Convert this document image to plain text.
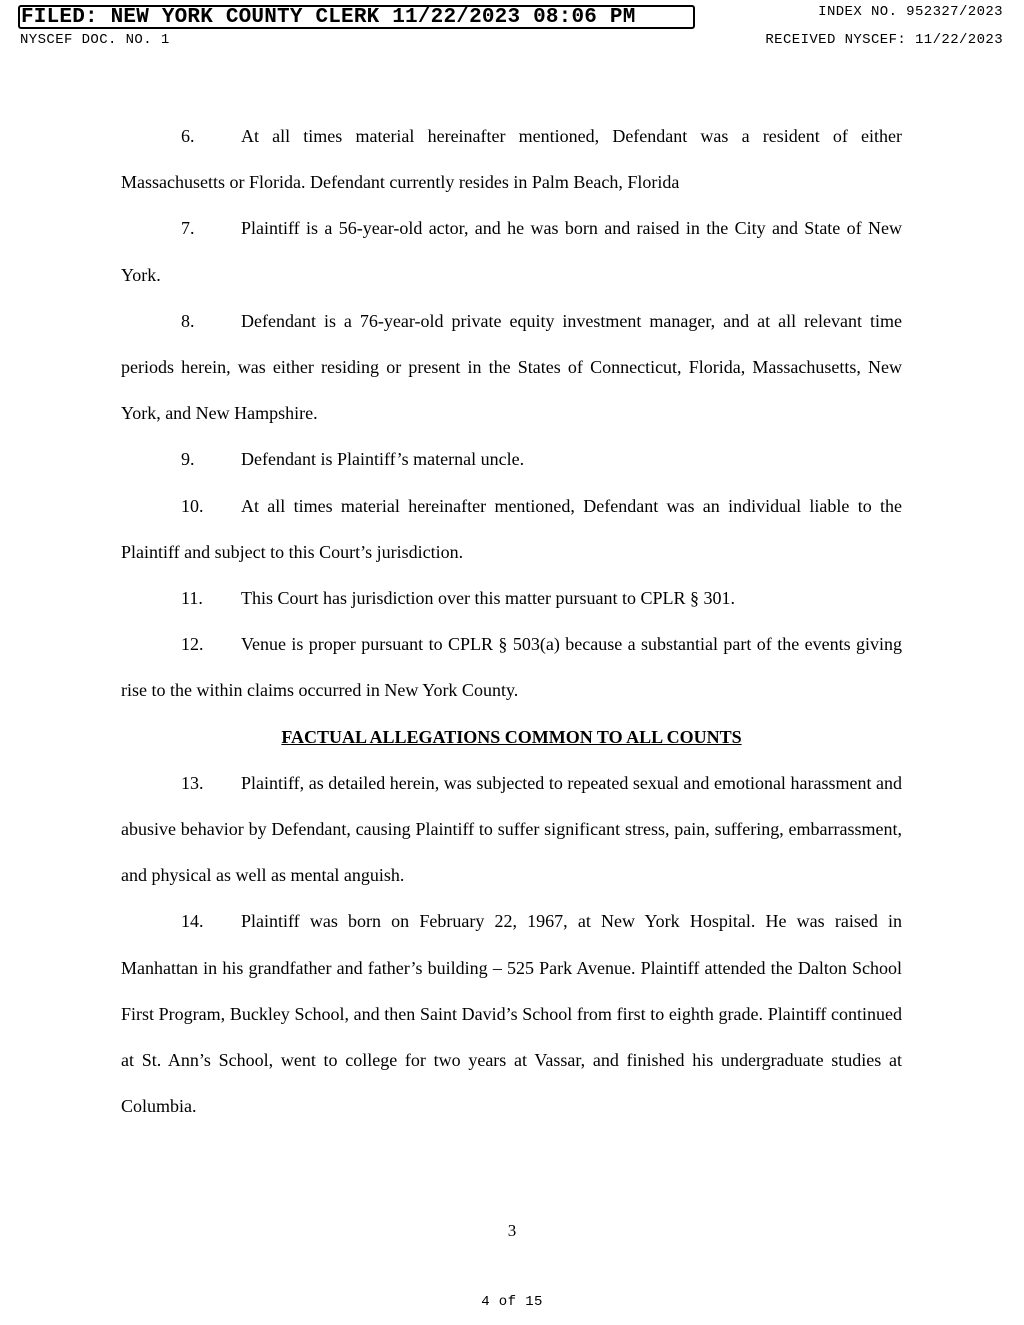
FILED: NEW YORK COUNTY CLERK 11/22/2023 08:06 PM	INDEX NO. 952327/2023
NYSCEF DOC. NO. 1	RECEIVED NYSCEF: 11/22/2023

6.	At all times material hereinafter mentioned, Defendant was a resident of either Massachusetts or Florida. Defendant currently resides in Palm Beach, Florida

7.	Plaintiff is a 56-year-old actor, and he was born and raised in the City and State of New York.

8.	Defendant is a 76-year-old private equity investment manager, and at all relevant time periods herein, was either residing or present in the States of Connecticut, Florida, Massachusetts, New York, and New Hampshire.

9.	Defendant is Plaintiff’s maternal uncle.

10. At all times material hereinafter mentioned, Defendant was an individual liable to the Plaintiff and subject to this Court’s jurisdiction.

11. This Court has jurisdiction over this matter pursuant to CPLR § 301.

12. Venue is proper pursuant to CPLR § 503(a) because a substantial part of the events giving rise to the within claims occurred in New York County.

FACTUAL ALLEGATIONS COMMON TO ALL COUNTS

13. Plaintiff, as detailed herein, was subjected to repeated sexual and emotional harassment and abusive behavior by Defendant, causing Plaintiff to suffer significant stress, pain, suffering, embarrassment, and physical as well as mental anguish.

14. Plaintiff was born on February 22, 1967, at New York Hospital. He was raised in Manhattan in his grandfather and father’s building – 525 Park Avenue. Plaintiff attended the Dalton School First Program, Buckley School, and then Saint David’s School from first to eighth grade. Plaintiff continued at St. Ann’s School, went to college for two years at Vassar, and finished his undergraduate studies at Columbia.

3
4 of 15
